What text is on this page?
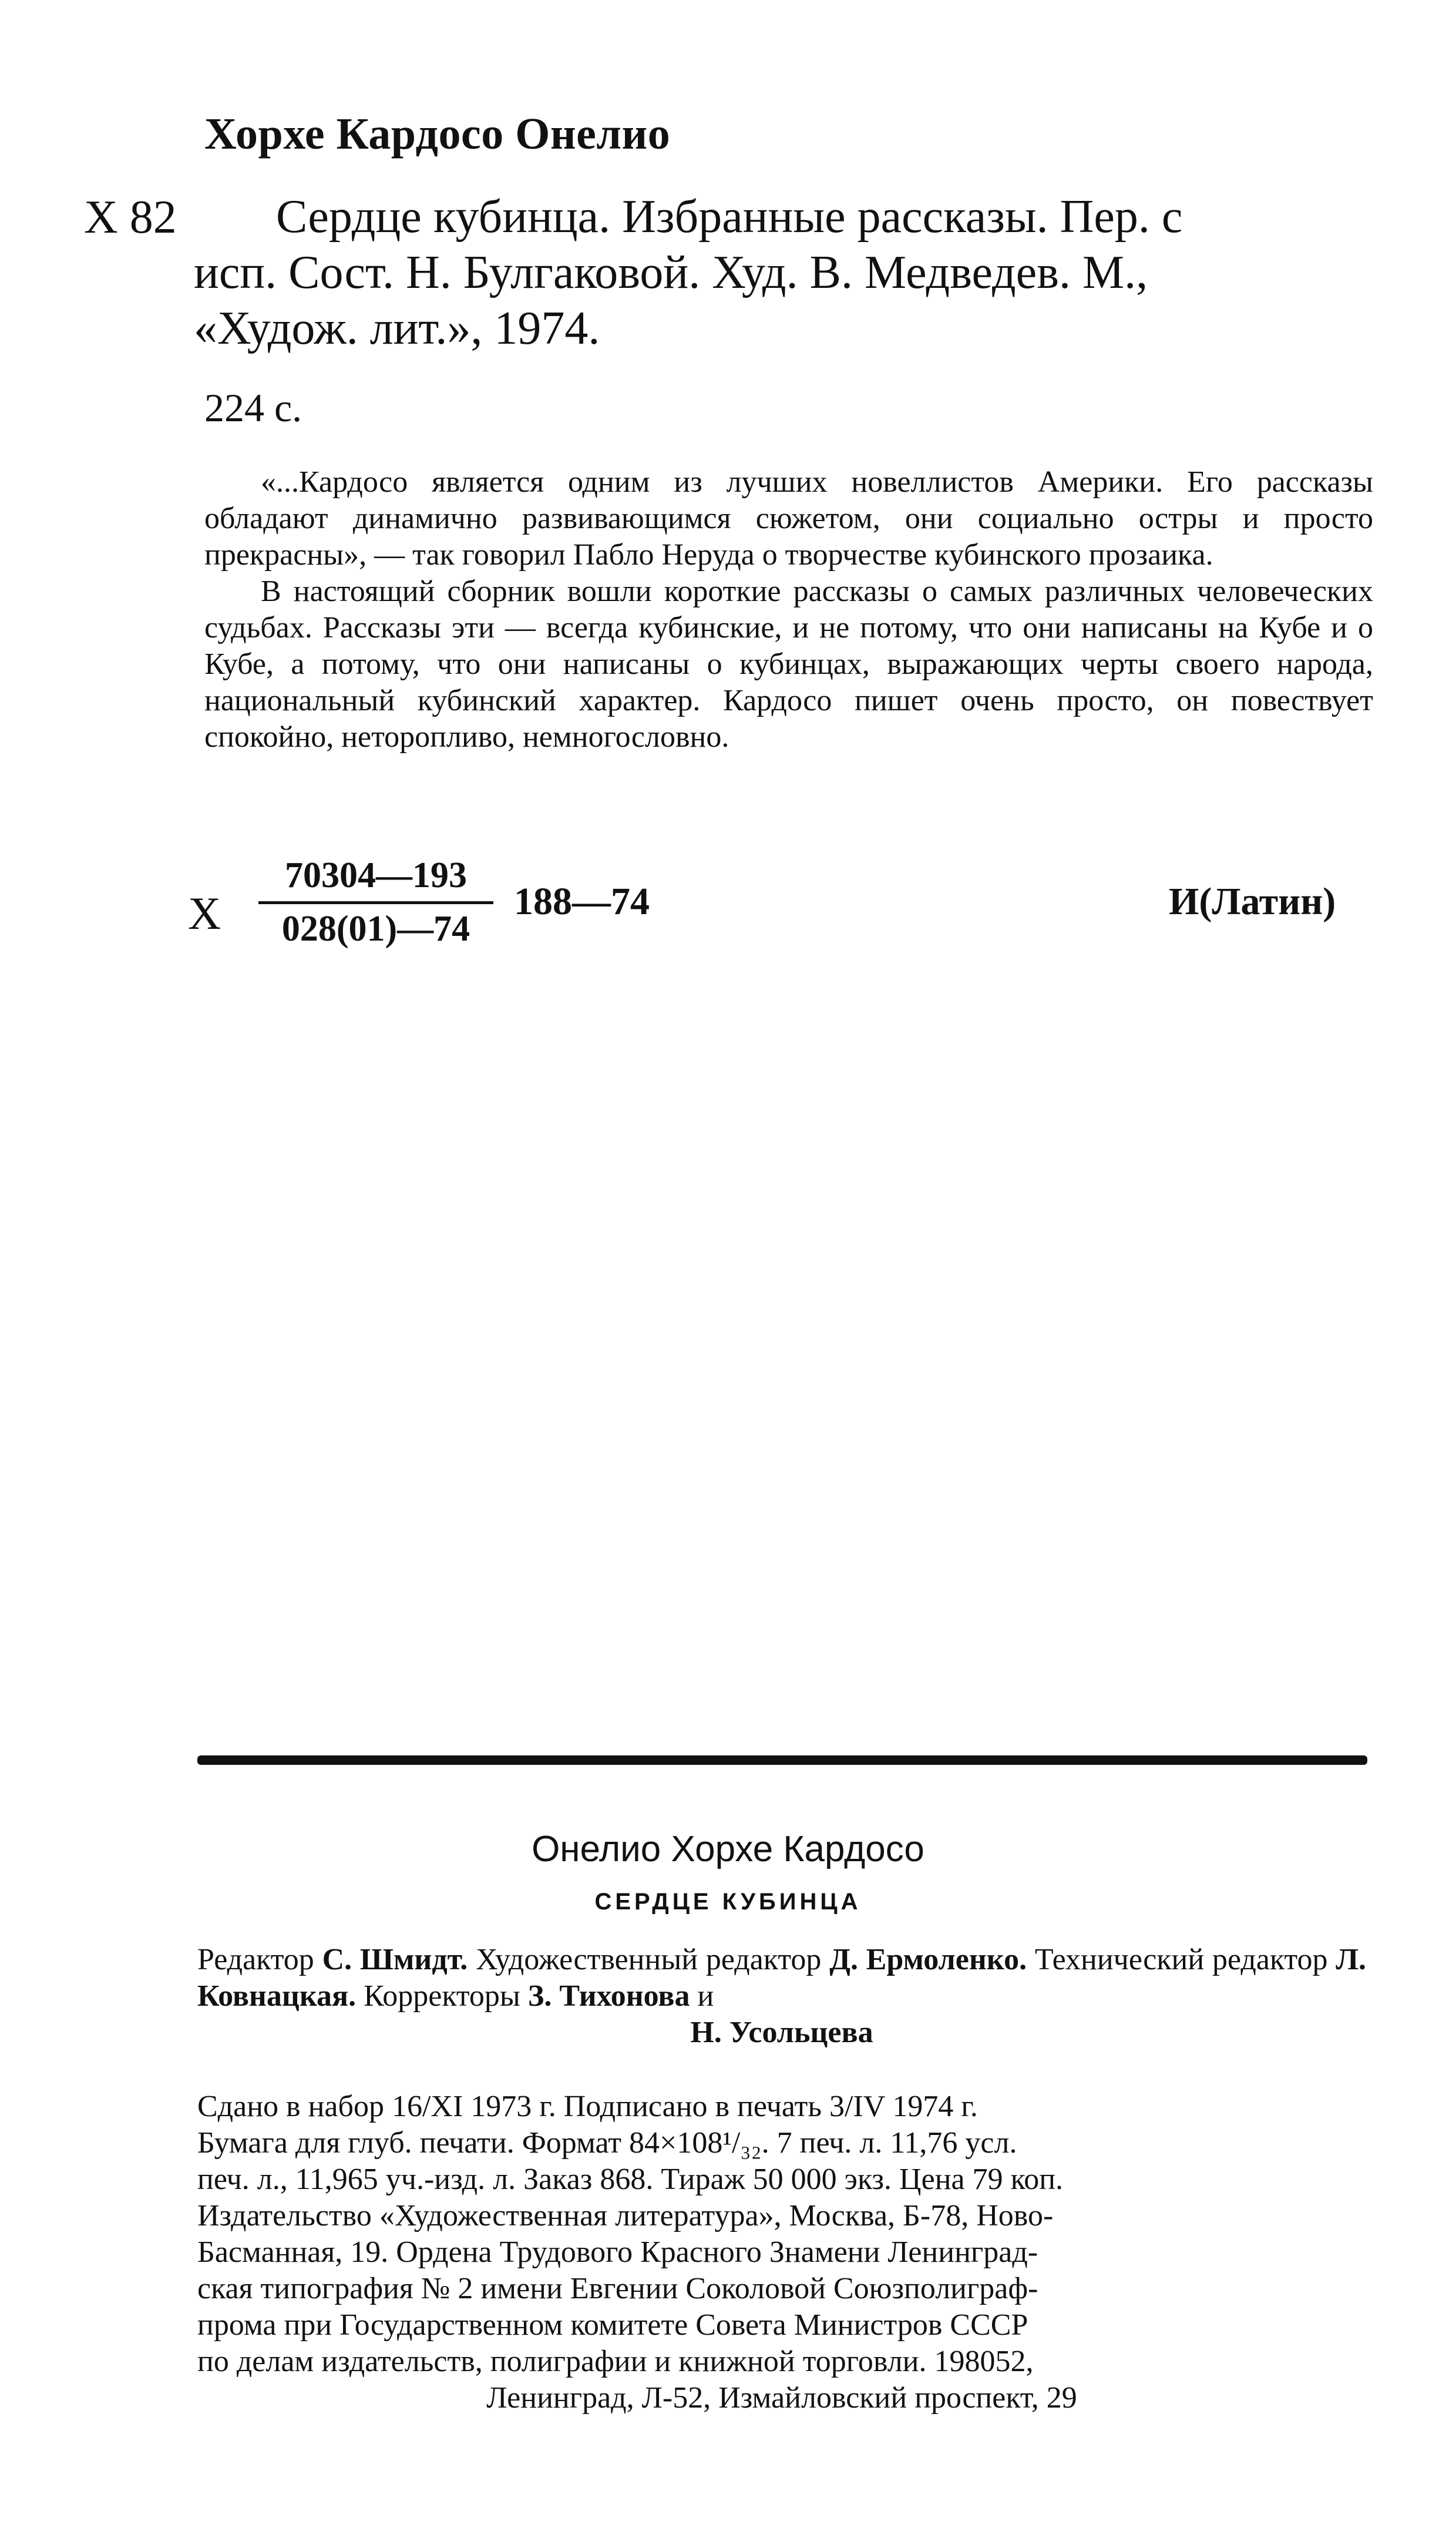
Хорхе Кардосо Онелио
Х 82 Сердце кубинца. Избранные рассказы. Пер. с
исп. Сост. Н. Булгаковой. Худ. В. Медведев. М.,
«Худож. лит.», 1974.
224 с.

«...Кардосо является одним из лучших новеллистов Америки. Его рассказы обладают динамично развивающимся сюжетом, они социально остры и просто прекрасны», — так говорил Пабло Неруда о творчестве кубинского прозаика.

В настоящий сборник вошли короткие рассказы о самых различных человеческих судьбах. Рассказы эти — всегда кубинские, и не потому, что они написаны на Кубе и о Кубе, а потому, что они написаны о кубинцах, выражающих черты своего народа, национальный кубинский характер. Кардосо пишет очень просто, он повествует спокойно, неторопливо, немногословно.

Х
70304—193
028(01)—74
188—74	И(Латин)
Онелио Хорхе Кардосо
СЕРДЦЕ КУБИНЦА
Редактор С. Шмидт. Художественный редактор Д. Ермоленко. Технический редактор Л. Ковнацкая. Корректоры З. Тихонова и
Н. Усольцева
Сдано в набор 16/XI 1973 г. Подписано в печать 3/IV 1974 г.
Бумага для глуб. печати. Формат 84×108¹/₃₂. 7 печ. л. 11,76 усл.
печ. л., 11,965 уч.-изд. л. Заказ 868. Тираж 50 000 экз. Цена 79 коп.
Издательство «Художественная литература», Москва, Б-78, Ново-
Басманная, 19. Ордена Трудового Красного Знамени Ленинград-
ская типография № 2 имени Евгении Соколовой Союзполиграф-
прома при Государственном комитете Совета Министров СССР
по делам издательств, полиграфии и книжной торговли. 198052,
Ленинград, Л-52, Измайловский проспект, 29
